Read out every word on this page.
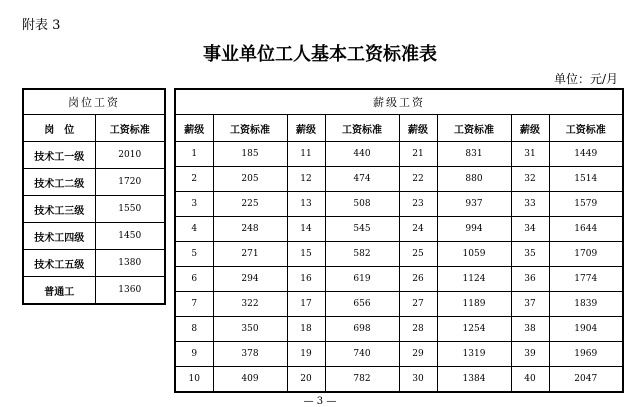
附表 3
事业单位工人基本工资标准表
单位：元/月
岗位工资	
岗　位	工资标准
技术工一级	2010
技术工二级	1720
技术工三级	1550
技术工四级	1450
技术工五级	1380
普通工	1360
薪级工资							
薪级	工资标准	薪级	工资标准	薪级	工资标准	薪级	工资标准
1	185	11	440	21	831	31	1449
2	205	12	474	22	880	32	1514
3	225	13	508	23	937	33	1579
4	248	14	545	24	994	34	1644
5	271	15	582	25	1059	35	1709
6	294	16	619	26	1124	36	1774
7	322	17	656	27	1189	37	1839
8	350	18	698	28	1254	38	1904
9	378	19	740	29	1319	39	1969
10	409	20	782	30	1384	40	2047
— 3 —
